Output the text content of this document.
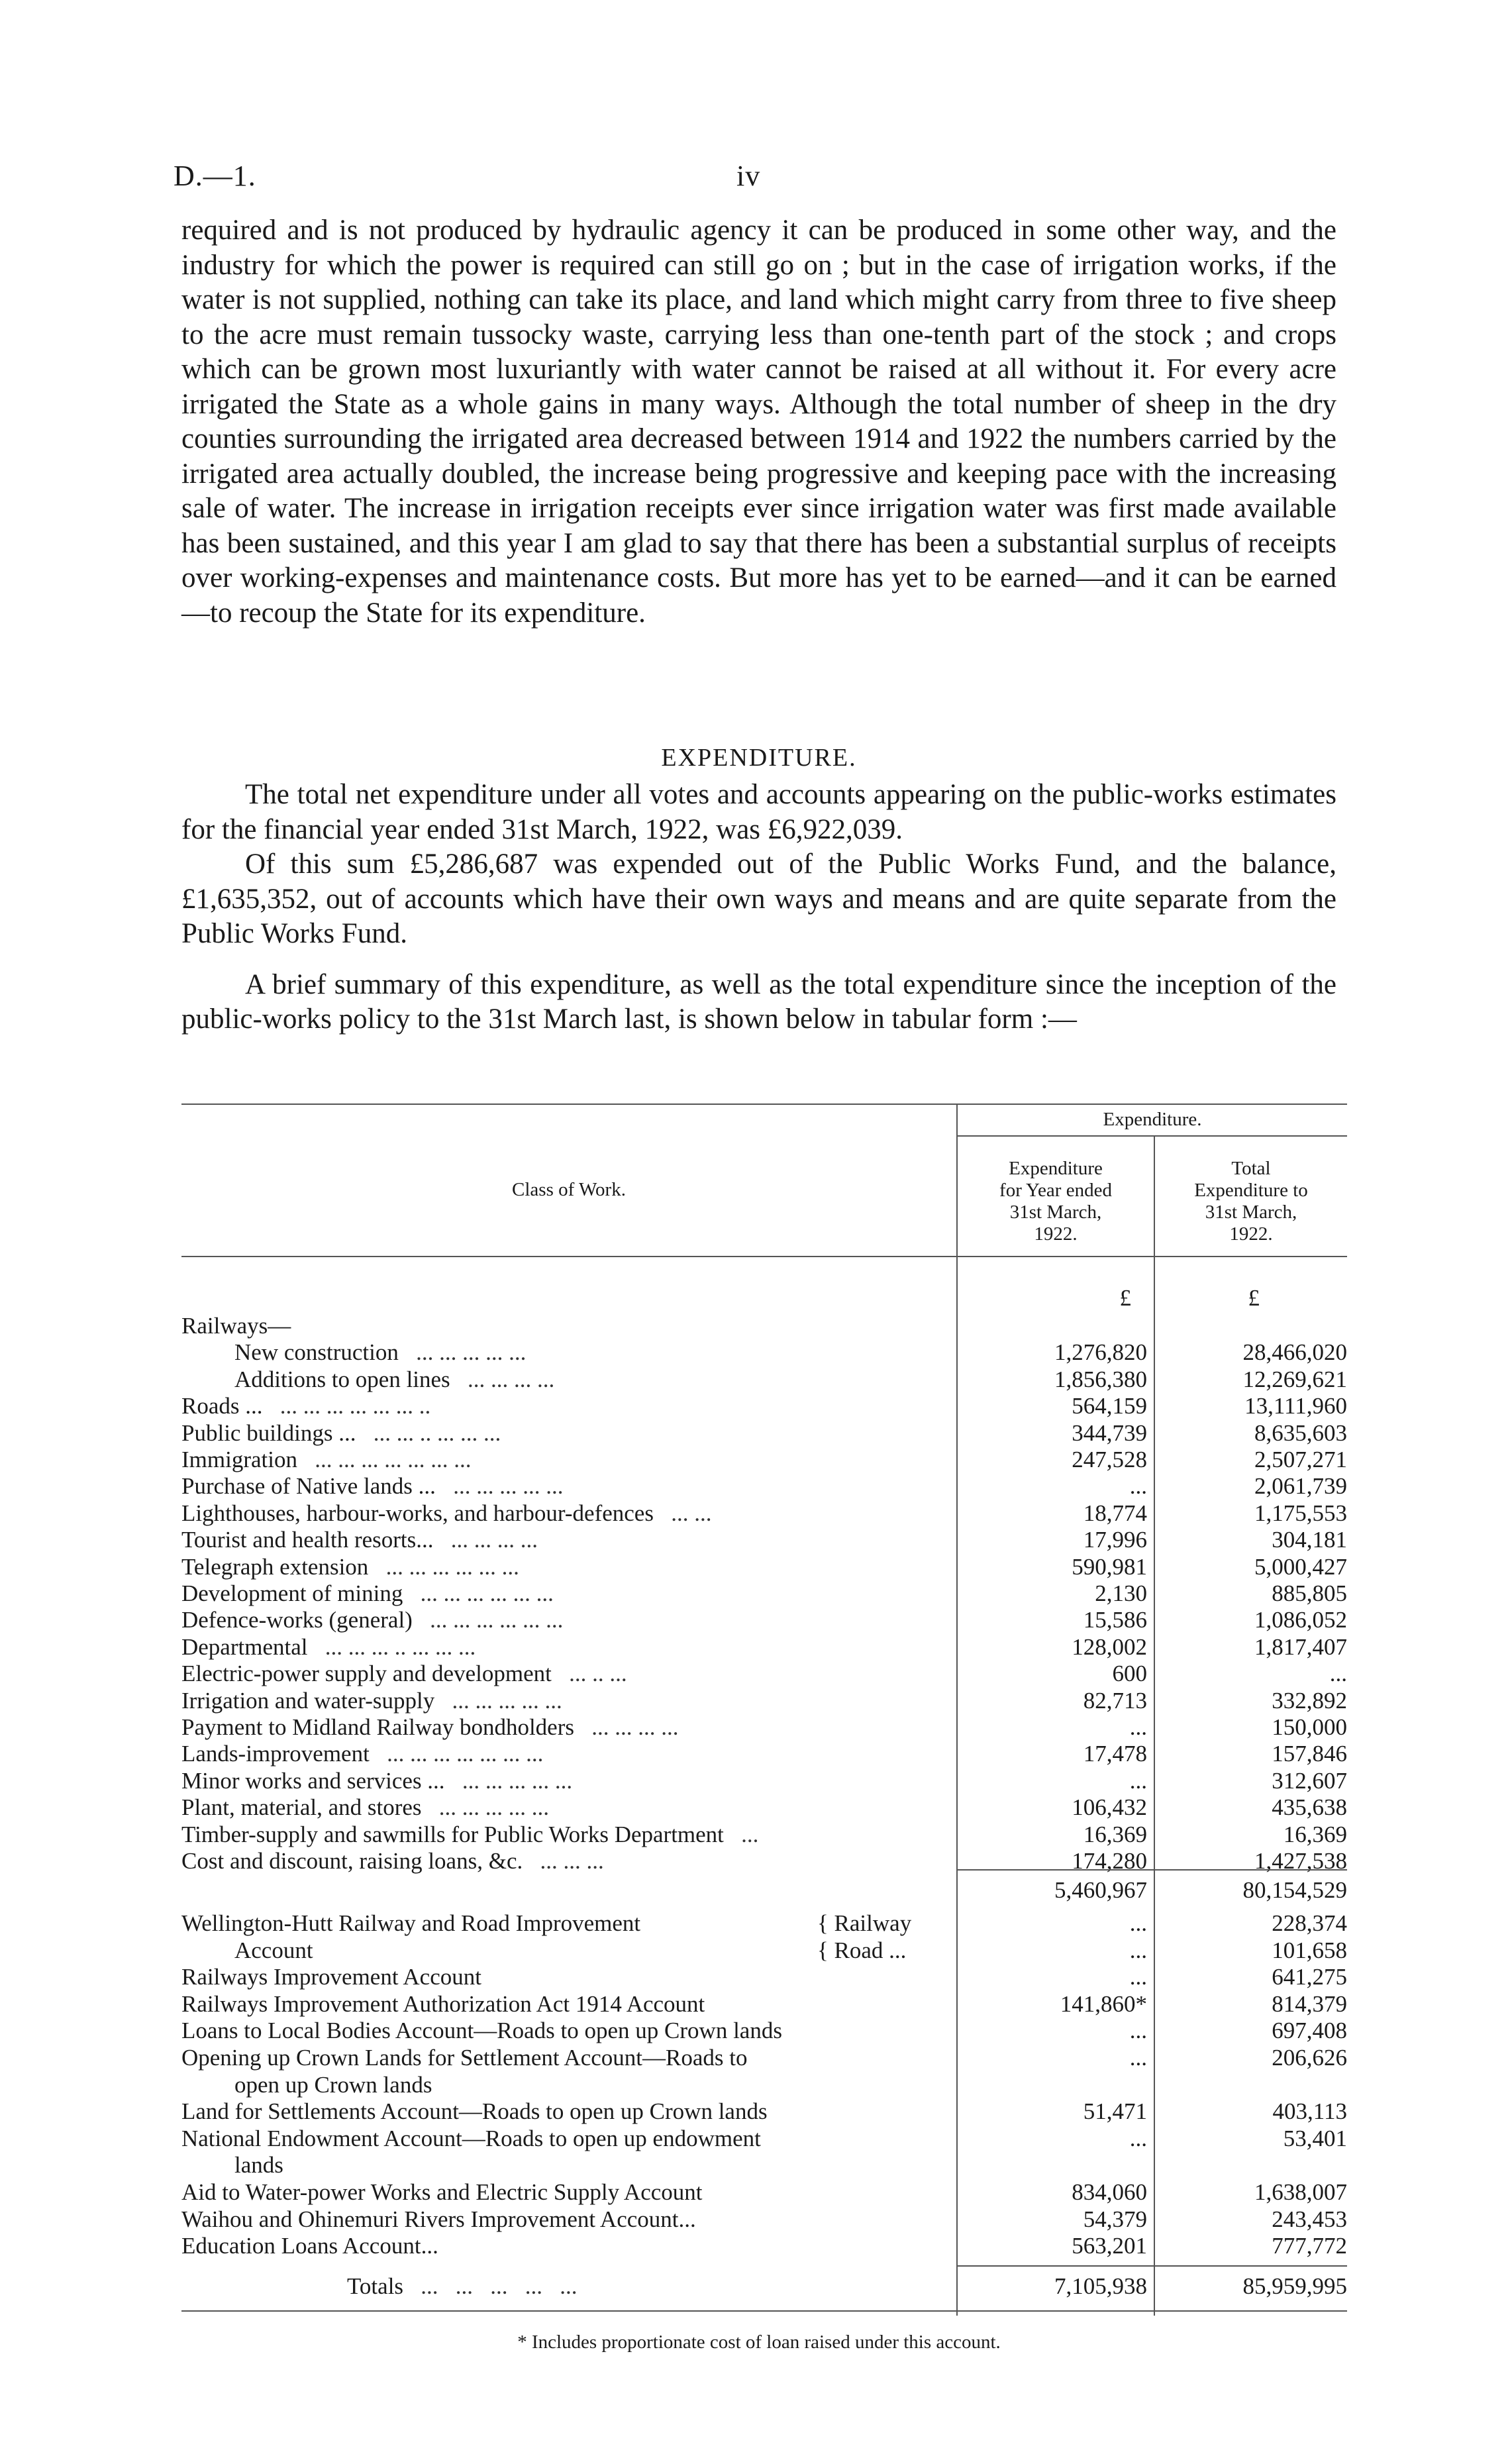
D.—1.	iv

required and is not produced by hydraulic agency it can be produced in some other way, and the industry for which the power is required can still go on ; but in the case of irrigation works, if the water is not supplied, nothing can take its place, and land which might carry from three to five sheep to the acre must remain tussocky waste, carrying less than one-tenth part of the stock ; and crops which can be grown most luxuriantly with water cannot be raised at all without it. For every acre irrigated the State as a whole gains in many ways. Although the total number of sheep in the dry counties surrounding the irrigated area decreased between 1914 and 1922 the numbers carried by the irrigated area actually doubled, the increase being progressive and keeping pace with the increasing sale of water. The increase in irrigation receipts ever since irrigation water was first made available has been sustained, and this year I am glad to say that there has been a substantial surplus of receipts over working-expenses and maintenance costs. But more has yet to be earned—and it can be earned—to recoup the State for its expenditure.

EXPENDITURE.

The total net expenditure under all votes and accounts appearing on the public-works estimates for the financial year ended 31st March, 1922, was £6,922,039.

Of this sum £5,286,687 was expended out of the Public Works Fund, and the balance, £1,635,352, out of accounts which have their own ways and means and are quite separate from the Public Works Fund.

A brief summary of this expenditure, as well as the total expenditure since the inception of the public-works policy to the 31st March last, is shown below in tabular form :—

Class of Work.
Expenditure.
Expenditure
for Year ended
31st March,
1922.
Total
Expenditure to
31st March,
1922.
£	£
Railways—
New construction   ... ... ... ... ...	1,276,820	28,466,020
Additions to open lines   ... ... ... ...	1,856,380	12,269,621
Roads ...   ... ... ... ... ... ... ..	564,159	13,111,960
Public buildings ...   ... ... .. ... ... ...	344,739	8,635,603
Immigration   ... ... ... ... ... ... ...	247,528	2,507,271
Purchase of Native lands ...   ... ... ... ... ...	...	2,061,739
Lighthouses, harbour-works, and harbour-defences   ... ...	18,774	1,175,553
Tourist and health resorts...   ... ... ... ...	17,996	304,181
Telegraph extension   ... ... ... ... ... ...	590,981	5,000,427
Development of mining   ... ... ... ... ... ...	2,130	885,805
Defence-works (general)   ... ... ... ... ... ...	15,586	1,086,052
Departmental   ... ... ... .. ... ... ...	128,002	1,817,407
Electric-power supply and development   ... .. ...	600	...
Irrigation and water-supply   ... ... ... ... ...	82,713	332,892
Payment to Midland Railway bondholders   ... ... ... ...	...	150,000
Lands-improvement   ... ... ... ... ... ... ...	17,478	157,846
Minor works and services ...   ... ... ... ... ...	...	312,607
Plant, material, and stores   ... ... ... ... ...	106,432	435,638
Timber-supply and sawmills for Public Works Department   ...	16,369	16,369
Cost and discount, raising loans, &c.   ... ... ...	174,280	1,427,538
5,460,967	80,154,529
Wellington-Hutt Railway and Road Improvement	{ Railway	...	228,374
Account	{ Road ...	...	101,658
Railways Improvement Account	...	641,275
Railways Improvement Authorization Act 1914 Account	141,860*	814,379
Loans to Local Bodies Account—Roads to open up Crown lands	...	697,408
Opening up Crown Lands for Settlement Account—Roads to	...	206,626
open up Crown lands
Land for Settlements Account—Roads to open up Crown lands	51,471	403,113
National Endowment Account—Roads to open up endowment	...	53,401
lands
Aid to Water-power Works and Electric Supply Account	834,060	1,638,007
Waihou and Ohinemuri Rivers Improvement Account...	54,379	243,453
Education Loans Account...	563,201	777,772
Totals   ...   ...   ...   ...   ...	7,105,938	85,959,995
* Includes proportionate cost of loan raised under this account.
